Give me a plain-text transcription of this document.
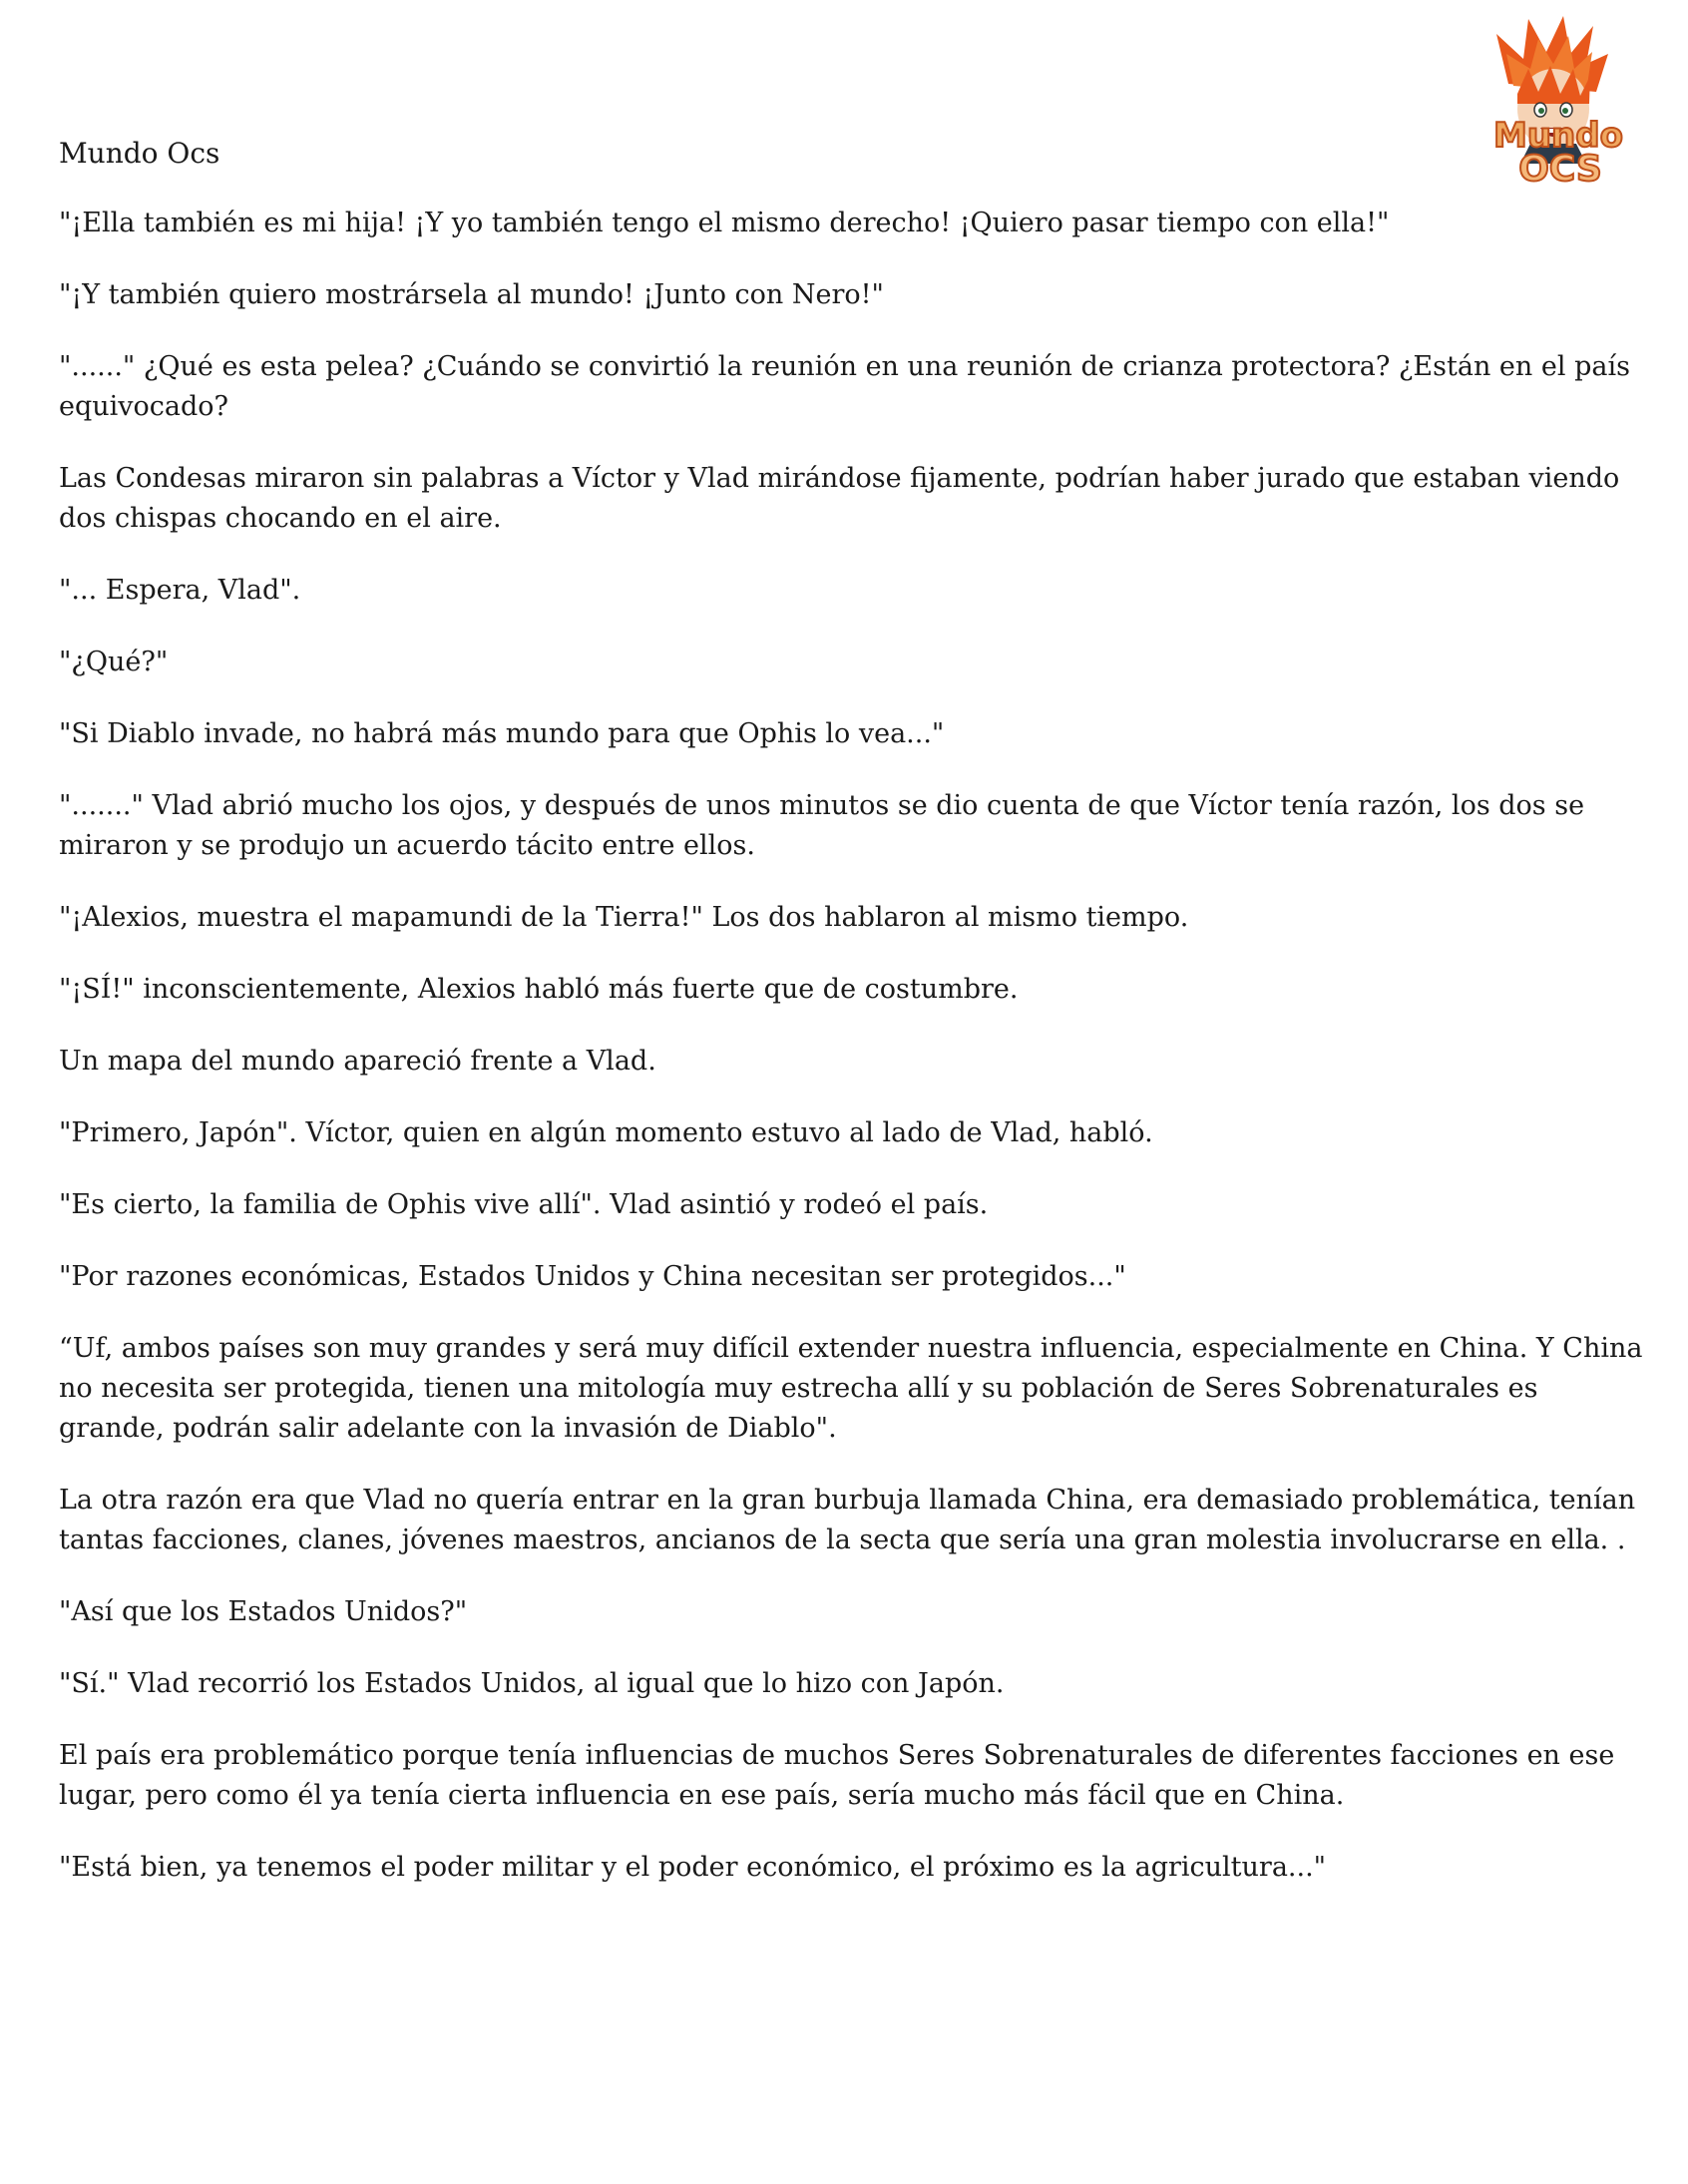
Mundo
OCS

Mundo Ocs

"¡Ella también es mi hija! ¡Y yo también tengo el mismo derecho! ¡Quiero pasar tiempo con ella!"

"¡Y también quiero mostrársela al mundo! ¡Junto con Nero!"

"......" ¿Qué es esta pelea? ¿Cuándo se convirtió la reunión en una reunión de crianza protectora? ¿Están en el país equivocado?

Las Condesas miraron sin palabras a Víctor y Vlad mirándose fijamente, podrían haber jurado que estaban viendo dos chispas chocando en el aire.

"... Espera, Vlad".

"¿Qué?"

"Si Diablo invade, no habrá más mundo para que Ophis lo vea..."

"......." Vlad abrió mucho los ojos, y después de unos minutos se dio cuenta de que Víctor tenía razón, los dos se miraron y se produjo un acuerdo tácito entre ellos.

"¡Alexios, muestra el mapamundi de la Tierra!" Los dos hablaron al mismo tiempo.

"¡SÍ!" inconscientemente, Alexios habló más fuerte que de costumbre.

Un mapa del mundo apareció frente a Vlad.

"Primero, Japón". Víctor, quien en algún momento estuvo al lado de Vlad, habló.

"Es cierto, la familia de Ophis vive allí". Vlad asintió y rodeó el país.

"Por razones económicas, Estados Unidos y China necesitan ser protegidos..."

“Uf, ambos países son muy grandes y será muy difícil extender nuestra influencia, especialmente en China. Y China no necesita ser protegida, tienen una mitología muy estrecha allí y su población de Seres Sobrenaturales es grande, podrán salir adelante con la invasión de Diablo".

La otra razón era que Vlad no quería entrar en la gran burbuja llamada China, era demasiado problemática, tenían tantas facciones, clanes, jóvenes maestros, ancianos de la secta que sería una gran molestia involucrarse en ella. .

"Así que los Estados Unidos?"

"Sí." Vlad recorrió los Estados Unidos, al igual que lo hizo con Japón.

El país era problemático porque tenía influencias de muchos Seres Sobrenaturales de diferentes facciones en ese lugar, pero como él ya tenía cierta influencia en ese país, sería mucho más fácil que en China.

"Está bien, ya tenemos el poder militar y el poder económico, el próximo es la agricultura..."
